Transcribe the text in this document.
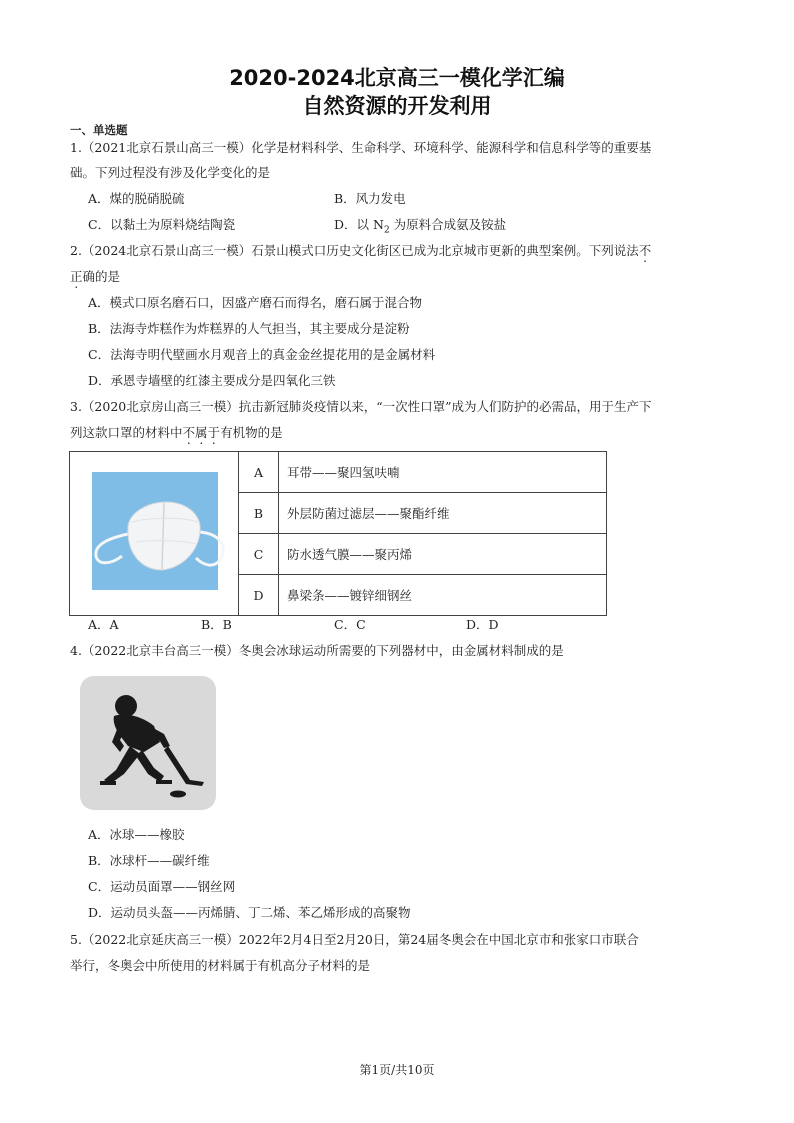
2020-2024北京高三一模化学汇编
自然资源的开发利用
一、单选题
1.（2021北京石景山高三一模）化学是材料科学、生命科学、环境科学、能源科学和信息科学等的重要基
础。下列过程没有涉及化学变化的是
A．煤的脱硝脱硫	B．风力发电
C．以黏土为原料烧结陶瓷	D．以 $N_2$ 为原料合成氨及铵盐
2.（2024北京石景山高三一模）石景山模式口历史文化街区已成为北京城市更新的典型案例。下列说法不
正确的是
A．模式口原名磨石口，因盛产磨石而得名，磨石属于混合物
B．法海寺炸糕作为炸糕界的人气担当，其主要成分是淀粉
C．法海寺明代壁画水月观音上的真金金丝提花用的是金属材料
D．承恩寺墙壁的红漆主要成分是四氧化三铁
3.（2020北京房山高三一模）抗击新冠肺炎疫情以来，“一次性口罩”成为人们防护的必需品，用于生产下
列这款口罩的材料中不属于有机物的是
	A	耳带——聚四氢呋喃
	B	外层防菌过滤层——聚酯纤维
	C	防水透气膜——聚丙烯
	D	鼻梁条——镀锌细钢丝
A．A	B．B	C．C	D．D
4.（2022北京丰台高三一模）冬奥会冰球运动所需要的下列器材中，由金属材料制成的是
A．冰球——橡胶
B．冰球杆——碳纤维
C．运动员面罩——钢丝网
D．运动员头盔——丙烯腈、丁二烯、苯乙烯形成的高聚物
5.（2022北京延庆高三一模）2022年2月4日至2月20日，第24届冬奥会在中国北京市和张家口市联合
举行，冬奥会中所使用的材料属于有机高分子材料的是
第1页/共10页
